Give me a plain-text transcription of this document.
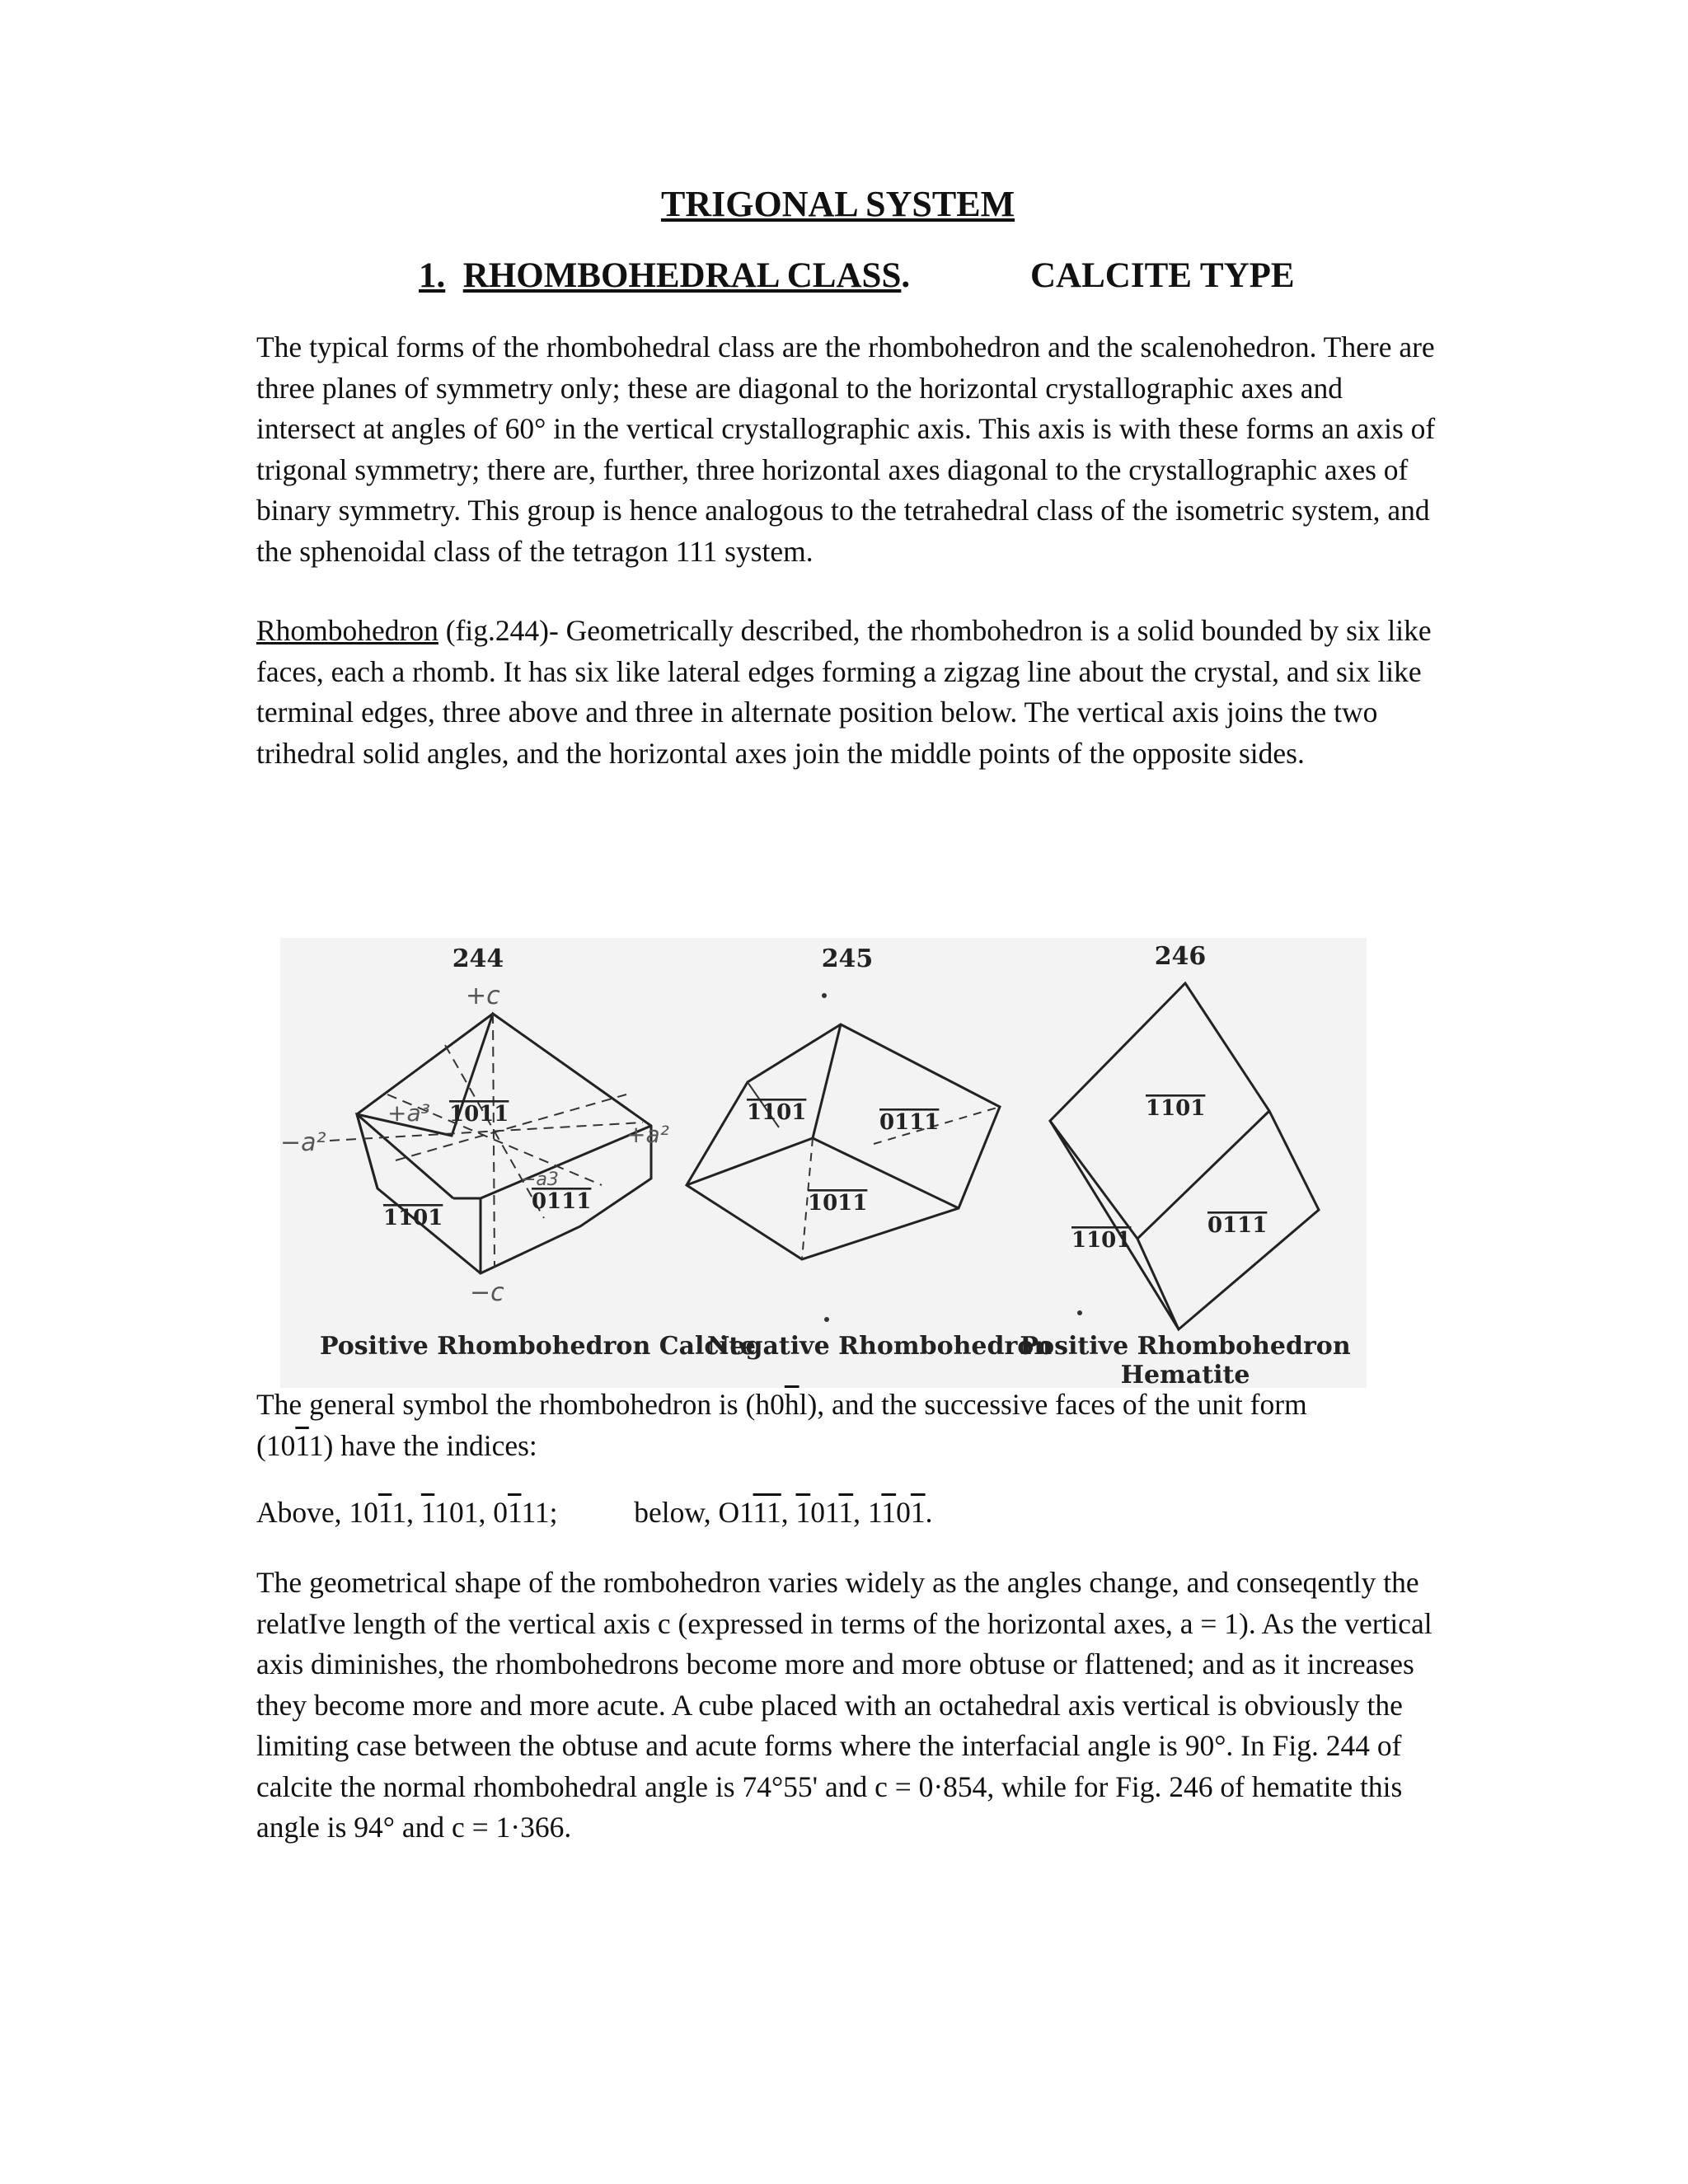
TRIGONAL SYSTEM
1. RHOMBOHEDRAL CLASS.	CALCITE TYPE

The typical forms of the rhombohedral class are the rhombohedron and the scalenohedron. There are three planes of symmetry only; these are diagonal to the horizontal crystallographic axes and intersect at angles of 60° in the vertical crystallographic axis. This axis is with these forms an axis of trigonal symmetry; there are, further, three horizontal axes diagonal to the crystallographic axes of binary symmetry. This group is hence analogous to the tetrahedral class of the isometric system, and the sphenoidal class of the tetragon 111 system.

Rhombohedron (fig.244)- Geometrically described, the rhombohedron is a solid bounded by six like faces, each a rhomb. It has six like lateral edges forming a zigzag line about the crystal, and six like terminal edges, three above and three in alternate position below. The vertical axis joins the two trihedral solid angles, and the horizontal axes join the middle points of the opposite sides.

244
+c
−a²
+a³ 1011
+a²
−a3
0111
1101
−c
Positive Rhombohedron Calcite
245
1101	0111
1011
Negative Rhombohedron
246
1101
0111
1101
Positive Rhombohedron
Hematite

The general symbol the rhombohedron is $(h0\overline{h}l)$, and the successive faces of the unit form
(1011) have the indices:

Above, 1011, 1101, 0111;	below, O111, 1011, 1101.

The geometrical shape of the rombohedron varies widely as the angles change, and conseqently the relatIve length of the vertical axis c (expressed in terms of the horizontal axes, a = 1). As the vertical axis diminishes, the rhombohedrons become more and more obtuse or flattened; and as it increases they become more and more acute. A cube placed with an octahedral axis vertical is obviously the limiting case between the obtuse and acute forms where the interfacial angle is 90°. In Fig. 244 of calcite the normal rhombohedral angle is 74°55' and c = 0·854, while for Fig. 246 of hematite this angle is 94° and c = 1·366.
